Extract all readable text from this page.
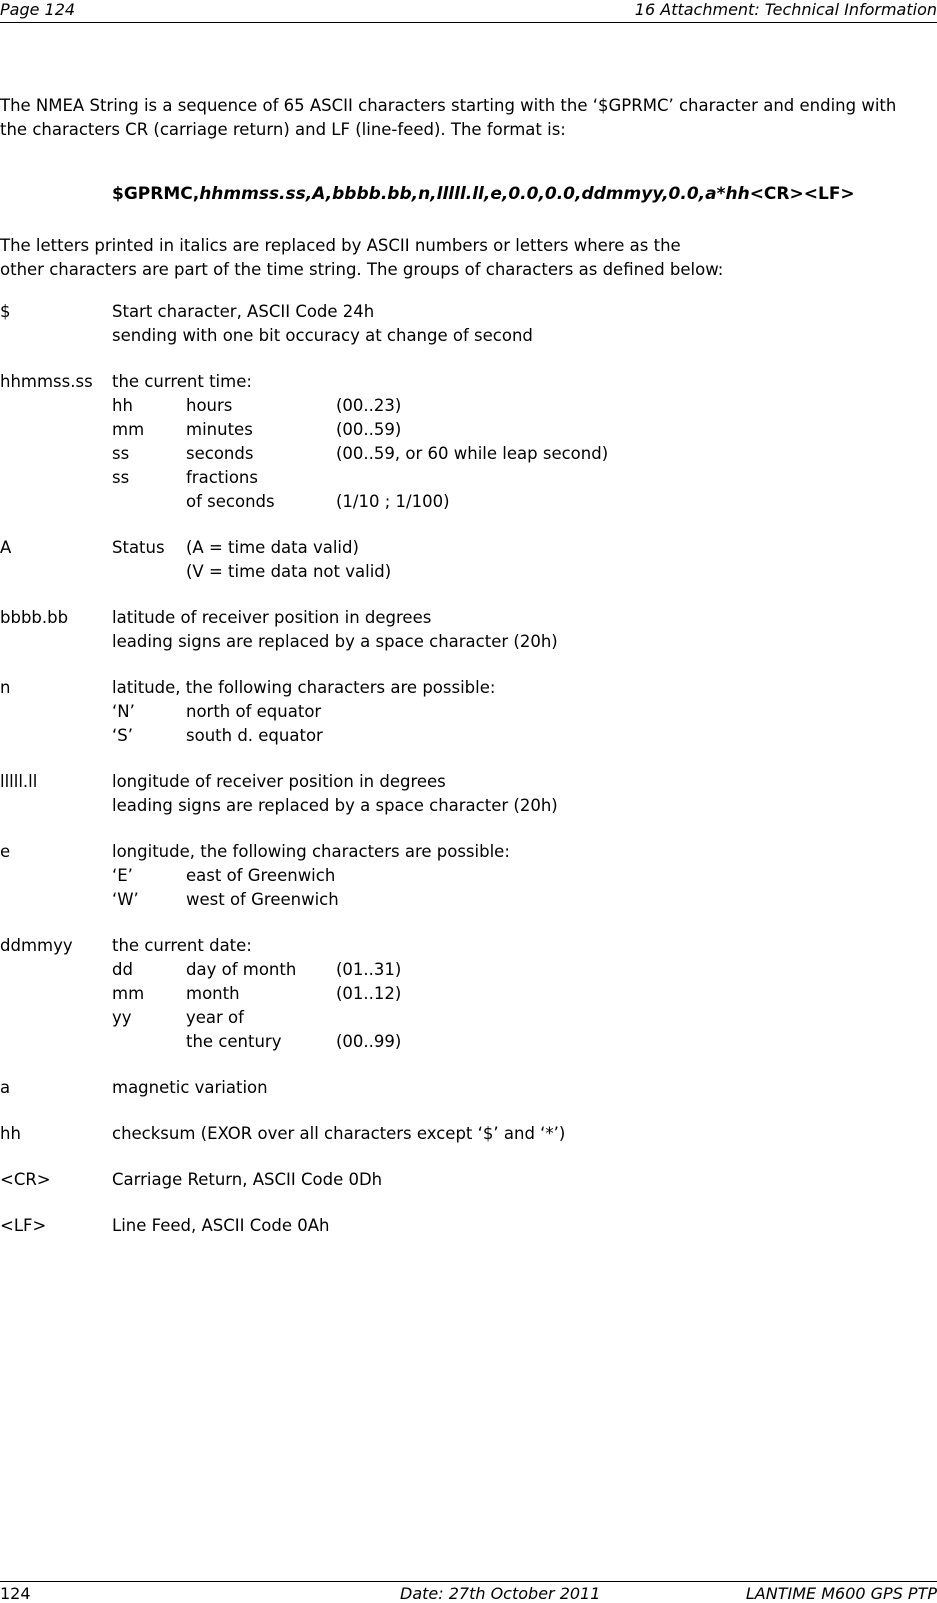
Page 124	16 Attachment: Technical Information
The NMEA String is a sequence of 65 ASCII characters starting with the ‘$GPRMC’ character and ending with
the characters CR (carriage return) and LF (line-feed). The format is:
$GPRMC,hhmmss.ss,A,bbbb.bb,n,lllll.ll,e,0.0,0.0,ddmmyy,0.0,a*hh<CR><LF>
The letters printed in italics are replaced by ASCII numbers or letters where as the
other characters are part of the time string. The groups of characters as defined below:
$	Start character, ASCII Code 24h
sending with one bit occuracy at change of second
hhmmss.ss the current time:
hh	hours	(00..23)
mm	minutes	(00..59)
ss	seconds	(00..59, or 60 while leap second)
ss	fractions
of seconds	(1/10 ; 1/100)
A	Status (A = time data valid)
(V = time data not valid)
bbbb.bb	latitude of receiver position in degrees
leading signs are replaced by a space character (20h)
n	latitude, the following characters are possible:
‘N’	north of equator
‘S’	south d. equator
lllll.ll	longitude of receiver position in degrees
leading signs are replaced by a space character (20h)
e	longitude, the following characters are possible:
‘E’	east of Greenwich
‘W’	west of Greenwich
ddmmyy the current date:
dd	day of month (01..31)
mm	month	(01..12)
yy	year of
the century	(00..99)
a	magnetic variation
hh	checksum (EXOR over all characters except ‘$’ and ‘*’)
<CR>	Carriage Return, ASCII Code 0Dh
<LF>	Line Feed, ASCII Code 0Ah
124	Date: 27th October 2011	LANTIME M600 GPS PTP
